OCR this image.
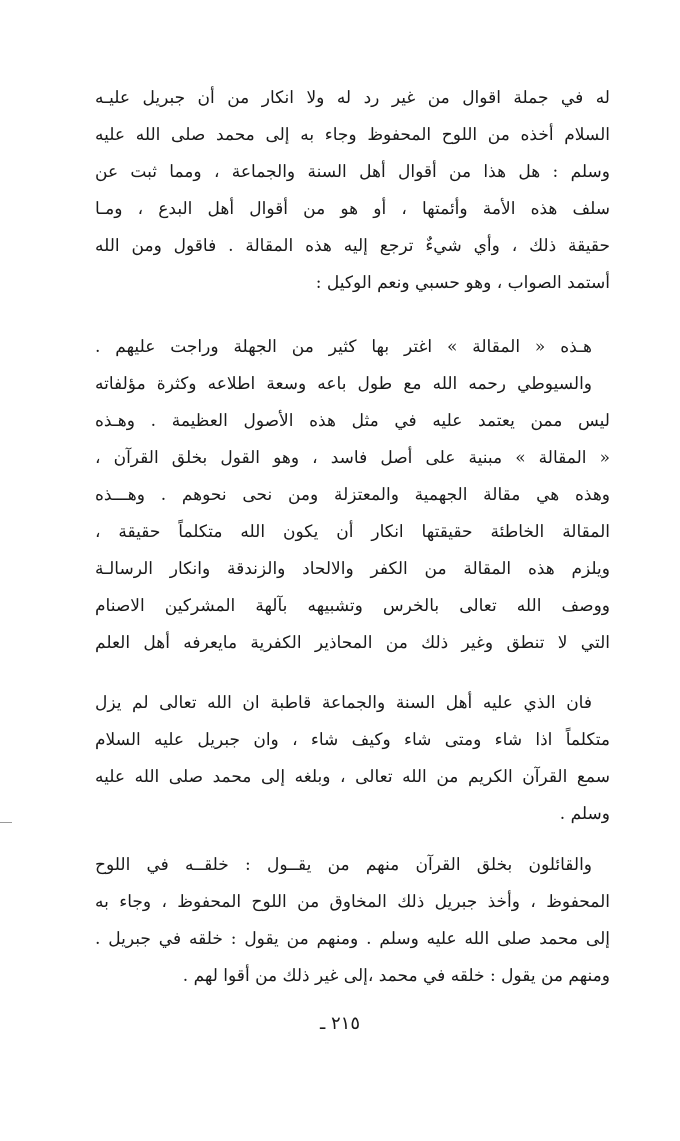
له في جملة اقوال من غير رد له ولا انكار من أن جبريل عليـه
السلام أخذه من اللوح المحفوظ وجاء به إلى محمد صلى الله عليه
وسلم : هل هذا من أقوال أهل السنة والجماعة ، ومما ثبت عن
سلف هذه الأمة وأئمتها ، أو هو من أقوال أهل البدع ، ومـا
حقيقة ذلك ، وأي شيءٌ ترجع إليه هذه المقالة . فاقول ومن الله
أستمد الصواب ، وهو حسبي ونعم الوكيل :
هـذه « المقالة » اغتر بها كثير من الجهلة وراجت عليهم .
والسيوطي رحمه الله مع طول باعه وسعة اطلاعه وكثرة مؤلفاته
ليس ممن يعتمد عليه في مثل هذه الأصول العظيمة . وهـذه
« المقالة » مبنية على أصل فاسد ، وهو القول بخلق القرآن ،
وهذه هي مقالة الجهمية والمعتزلة ومن نحى نحوهم . وهـــذه
المقالة الخاطئة حقيقتها انكار أن يكون الله متكلماً حقيقة ،
ويلزم هذه المقالة من الكفر والالحاد والزندقة وانكار الرسالـة
ووصف الله تعالى بالخرس وتشبيهه بآلهة المشركين الاصنام
التي لا تنطق وغير ذلك من المحاذير الكفرية مايعرفه أهل العلم
فان الذي عليه أهل السنة والجماعة قاطبة ان الله تعالى لم يزل
متكلماً اذا شاء ومتى شاء وكيف شاء ، وان جبريل عليه السلام
سمع القرآن الكريم من الله تعالى ، وبلغه إلى محمد صلى الله عليه
وسلم .
والقائلون بخلق القرآن منهم من يقــول : خلقــه في اللوح
المحفوظ ، وأخذ جبريل ذلك المخاوق من اللوح المحفوظ ، وجاء به
إلى محمد صلى الله عليه وسلم . ومنهم من يقول : خلقه في جبريل .
ومنهم من يقول : خلقه في محمد ،إلى غير ذلك من أقوا لهم .
٢١٥ ـ
